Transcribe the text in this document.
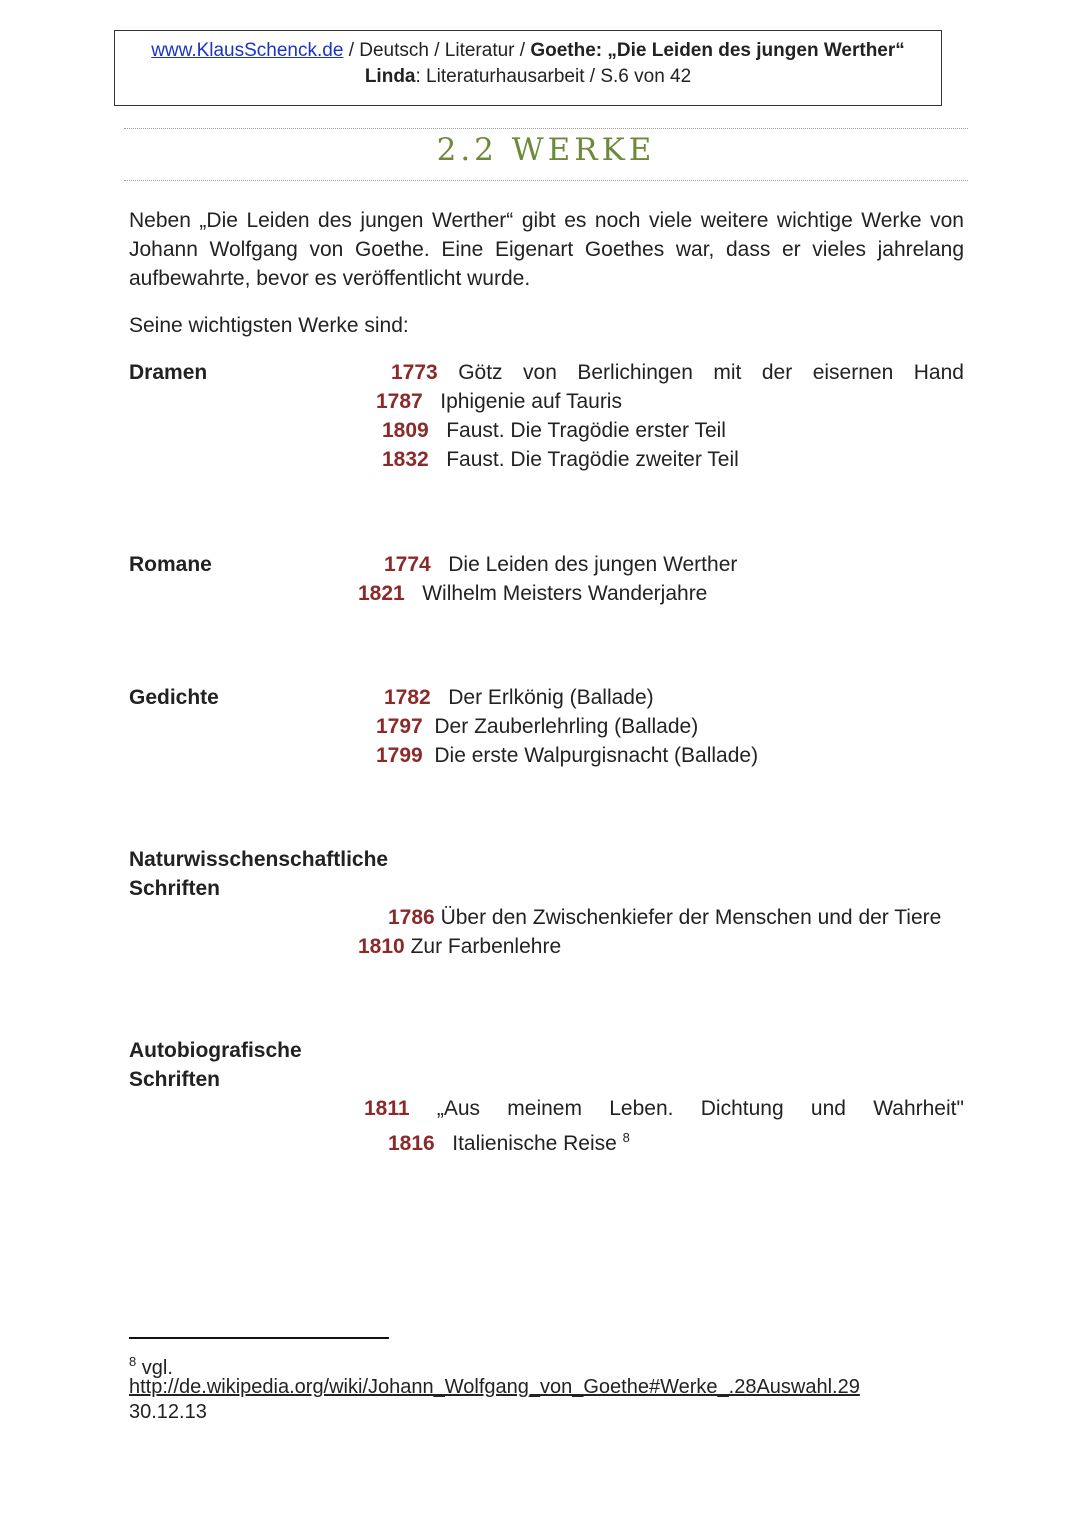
www.KlausSchenck.de / Deutsch / Literatur / Goethe: „Die Leiden des jungen Werther“
Linda: Literaturhausarbeit / S.6 von 42
2.2 WERKE
Neben „Die Leiden des jungen Werther“ gibt es noch viele weitere wichtige Werke von Johann Wolfgang von Goethe. Eine Eigenart Goethes war, dass er vieles jahrelang aufbewahrte, bevor es veröffentlicht wurde.
Seine wichtigsten Werke sind:
Dramen	1773 Götz von Berlichingen mit der eisernen Hand
1787 Iphigenie auf Tauris
1809 Faust. Die Tragödie erster Teil
1832 Faust. Die Tragödie zweiter Teil
Romane	1774 Die Leiden des jungen Werther
1821 Wilhelm Meisters Wanderjahre
Gedichte	1782 Der Erlkönig (Ballade)
1797 Der Zauberlehrling (Ballade)
1799 Die erste Walpurgisnacht (Ballade)
Naturwisschenschaftliche
Schriften
1786 Über den Zwischenkiefer der Menschen und der Tiere
1810 Zur Farbenlehre
Autobiografische
Schriften
1811 „Aus meinem Leben. Dichtung und Wahrheit"
1816 Italienische Reise $^8$
$^8$ vgl.
http://de.wikipedia.org/wiki/Johann_Wolfgang_von_Goethe#Werke_.28Auswahl.29
30.12.13
